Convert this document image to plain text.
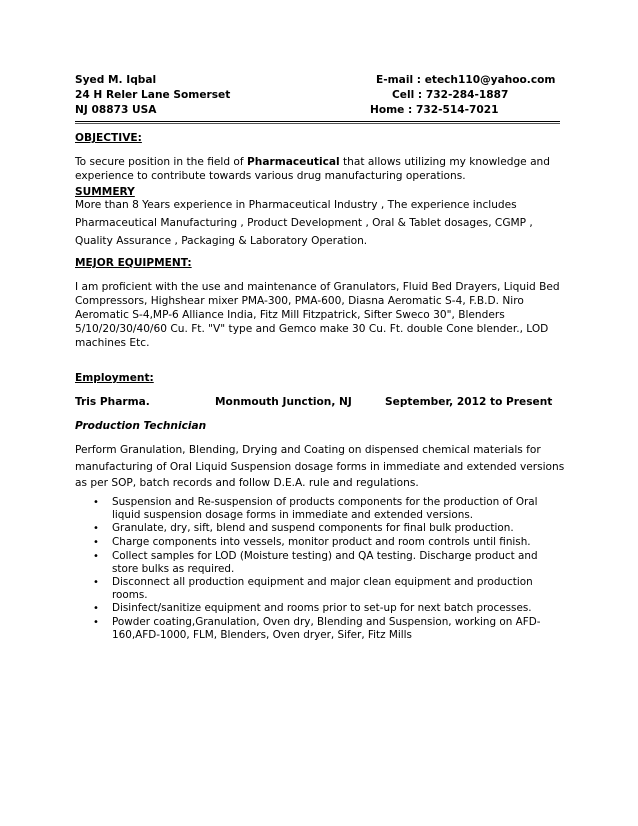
Syed M. Iqbal
24 H Reler Lane Somerset
NJ 08873 USA
E-mail : etech110@yahoo.com
Cell : 732-284-1887
Home : 732-514-7021
OBJECTIVE:
To secure position in the field of Pharmaceutical that allows utilizing my knowledge and
experience to contribute towards various drug manufacturing operations.
SUMMERY
More than 8 Years experience in Pharmaceutical Industry , The experience includes
Pharmaceutical Manufacturing , Product Development , Oral & Tablet dosages, CGMP ,
Quality Assurance , Packaging & Laboratory Operation.
MEJOR EQUIPMENT:
I am proficient with the use and maintenance of Granulators, Fluid Bed Drayers, Liquid Bed
Compressors, Highshear mixer PMA-300, PMA-600, Diasna Aeromatic S-4, F.B.D. Niro
Aeromatic S-4,MP-6 Alliance India, Fitz Mill Fitzpatrick, Sifter Sweco 30", Blenders
5/10/20/30/40/60 Cu. Ft. "V" type and Gemco make 30 Cu. Ft. double Cone blender., LOD
machines Etc.
Employment:
Tris Pharma.	Monmouth Junction, NJ	September, 2012 to Present
Production Technician
Perform Granulation, Blending, Drying and Coating on dispensed chemical materials for
manufacturing of Oral Liquid Suspension dosage forms in immediate and extended versions
as per SOP, batch records and follow D.E.A. rule and regulations.
• Suspension and Re-suspension of products components for the production of Oral
liquid suspension dosage forms in immediate and extended versions.
• Granulate, dry, sift, blend and suspend components for final bulk production.
• Charge components into vessels, monitor product and room controls until finish.
• Collect samples for LOD (Moisture testing) and QA testing. Discharge product and
store bulks as required.
• Disconnect all production equipment and major clean equipment and production
rooms.
• Disinfect/sanitize equipment and rooms prior to set-up for next batch processes.
• Powder coating,Granulation, Oven dry, Blending and Suspension, working on AFD-
160,AFD-1000, FLM, Blenders, Oven dryer, Sifer, Fitz Mills
